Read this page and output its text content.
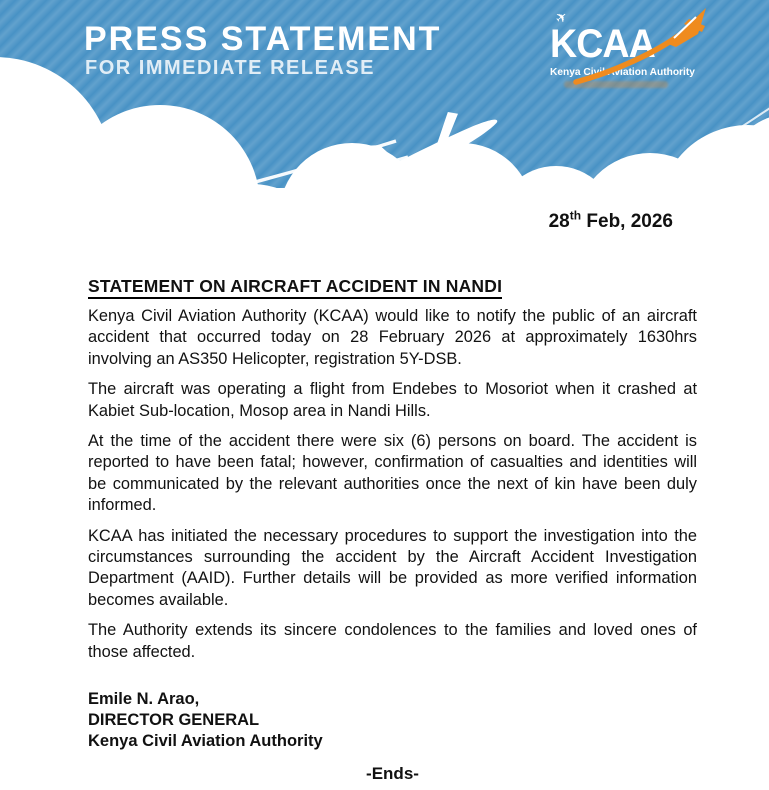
PRESS STATEMENT
FOR IMMEDIATE RELEASE
✈
KCAA
Kenya Civil Aviation Authority
28th Feb, 2026
STATEMENT ON AIRCRAFT ACCIDENT IN NANDI

Kenya Civil Aviation Authority (KCAA) would like to notify the public of an aircraft accident that occurred today on 28 February 2026 at approximately 1630hrs involving an AS350 Helicopter, registration 5Y-DSB.

The aircraft was operating a flight from Endebes to Mosoriot when it crashed at Kabiet Sub-location, Mosop area in Nandi Hills.

At the time of the accident there were six (6) persons on board. The accident is reported to have been fatal; however, confirmation of casualties and identities will be communicated by the relevant authorities once the next of kin have been duly informed.

KCAA has initiated the necessary procedures to support the investigation into the circumstances surrounding the accident by the Aircraft Accident Investigation Department (AAID). Further details will be provided as more verified information becomes available.

The Authority extends its sincere condolences to the families and loved ones of those affected.

Emile N. Arao,
DIRECTOR GENERAL
Kenya Civil Aviation Authority
-Ends-
